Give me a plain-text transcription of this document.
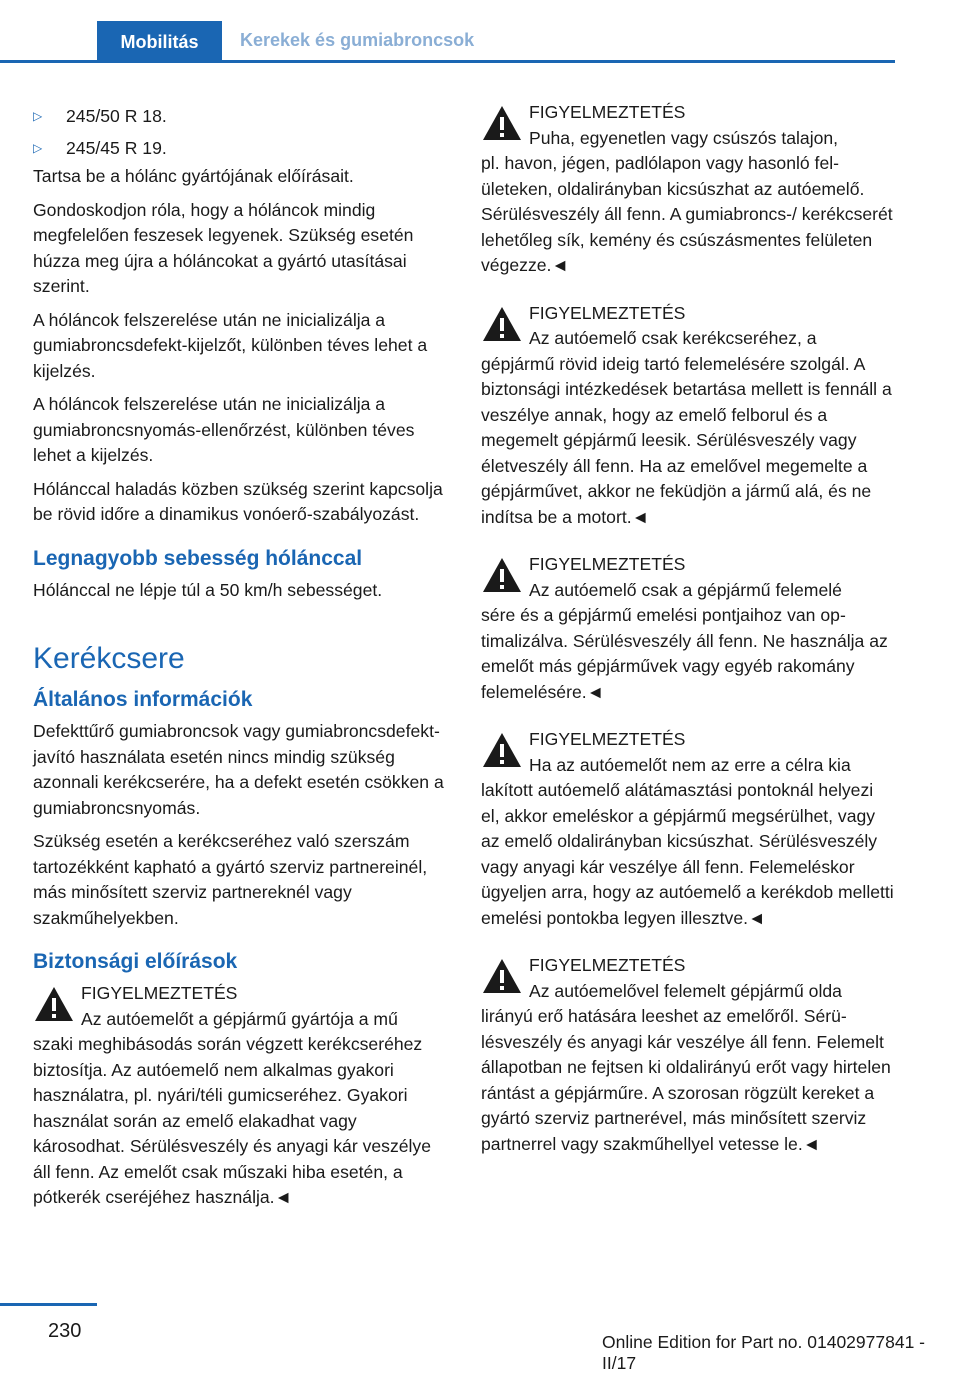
Mobilitás	Kerekek és gumiabroncsok
▷	245/50 R 18.
▷	245/45 R 19.

Tartsa be a hólánc gyártójának előírásait.

Gondoskodjon róla, hogy a hóláncok mindig megfelelően feszesek legyenek. Szükség esetén húzza meg újra a hóláncokat a gyártó utasításai szerint.

A hóláncok felszerelése után ne inicializálja a gumiabroncsdefekt-kijelzőt, különben téves lehet a kijelzés.

A hóláncok felszerelése után ne inicializálja a gumiabroncsnyomás-ellenőrzést, különben téves lehet a kijelzés.

Hólánccal haladás közben szükség szerint kapcsolja be rövid időre a dinamikus vonóerő-szabályozást.

Legnagyobb sebesség hólánccal

Hólánccal ne lépje túl a 50 km/h sebességet.

Kerékcsere
Általános információk

Defekttűrő gumiabroncsok vagy gumiabroncsdefekt-javító használata esetén nincs mindig szükség azonnali kerékcserére, ha a defekt esetén csökken a gumiabroncsnyomás.

Szükség esetén a kerékcseréhez való szerszám tartozékként kapható a gyártó szerviz partnereinél, más minősített szerviz partnereknél vagy szakműhelyekben.

Biztonsági előírások
FIGYELMEZTETÉS
Az autóemelőt a gépjármű gyártója a mű
szaki meghibásodás során végzett kerékcseréhez biztosítja. Az autóemelő nem alkalmas gyakori használatra, pl. nyári/téli gumicseréhez. Gyakori használat során az emelő elakadhat vagy károsodhat. Sérülésveszély és anyagi kár veszélye áll fenn. Az emelőt csak műszaki hiba esetén, a pótkerék cseréjéhez használja.◄
FIGYELMEZTETÉS
Puha, egyenetlen vagy csúszós talajon,
pl. havon, jégen, padlólapon vagy hasonló felületeken, oldalirányban kicsúszhat az autóemelő. Sérülésveszély áll fenn. A gumiabroncs-/ kerékcserét lehetőleg sík, kemény és csúszásmentes felületen végezze.◄
FIGYELMEZTETÉS
Az autóemelő csak kerékcseréhez, a
gépjármű rövid ideig tartó felemelésére szolgál. A biztonsági intézkedések betartása mellett is fennáll a veszélye annak, hogy az emelő felborul és a megemelt gépjármű leesik. Sérülésveszély vagy életveszély áll fenn. Ha az emelővel megemelte a gépjárművet, akkor ne feküdjön a jármű alá, és ne indítsa be a motort.◄
FIGYELMEZTETÉS
Az autóemelő csak a gépjármű felemelé
sére és a gépjármű emelési pontjaihoz van optimalizálva. Sérülésveszély áll fenn. Ne használja az emelőt más gépjárművek vagy egyéb rakomány felemelésére.◄
FIGYELMEZTETÉS
Ha az autóemelőt nem az erre a célra kia
lakított autóemelő alátámasztási pontoknál helyezi el, akkor emeléskor a gépjármű megsérülhet, vagy az emelő oldalirányban kicsúszhat. Sérülésveszély vagy anyagi kár veszélye áll fenn. Felemeléskor ügyeljen arra, hogy az autóemelő a kerékdob melletti emelési pontokba legyen illesztve.◄
FIGYELMEZTETÉS
Az autóemelővel felemelt gépjármű olda
lirányú erő hatására leeshet az emelőről. Sérülésveszély és anyagi kár veszélye áll fenn. Felemelt állapotban ne fejtsen ki oldalirányú erőt vagy hirtelen rántást a gépjárműre. A szorosan rögzült kereket a gyártó szerviz partnerével, más minősített szerviz partnerrel vagy szakműhellyel vetesse le.◄
230	Online Edition for Part no. 01402977841 - II/17
